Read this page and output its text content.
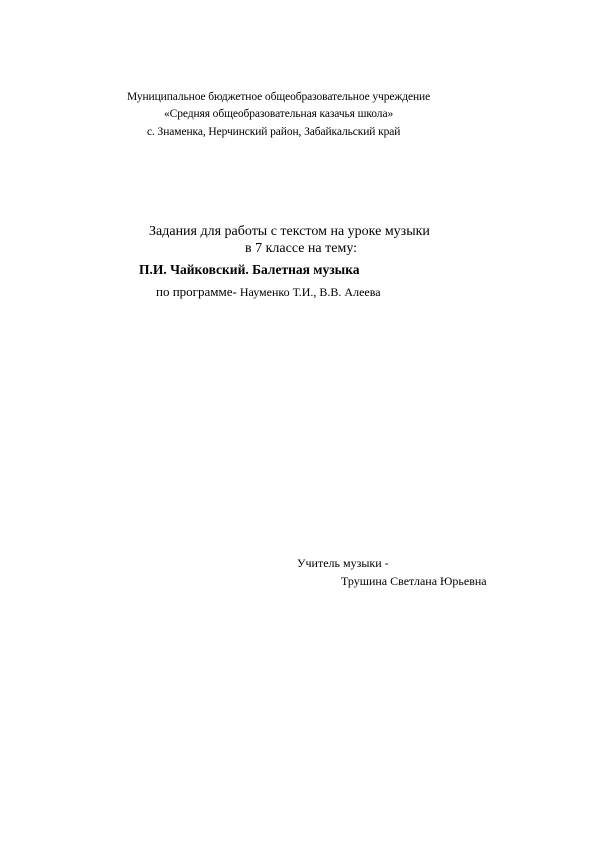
Муниципальное бюджетное общеобразовательное учреждение
«Средняя общеобразовательная казачья школа»
с. Знаменка, Нерчинский район, Забайкальский край
Задания для работы с текстом на уроке музыки
в 7 классе на тему:
П.И. Чайковский. Балетная музыка
по программе- Науменко Т.И., В.В. Алеева
Учитель музыки -
Трушина Светлана Юрьевна
